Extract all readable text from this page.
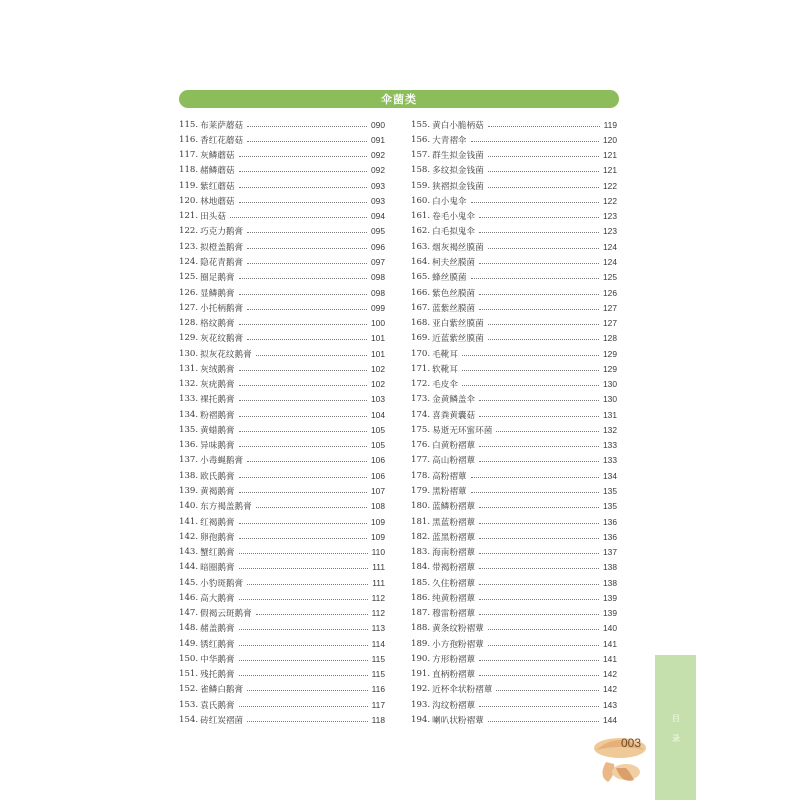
伞菌类
115. 布莱萨蘑菇	090
116. 香红花蘑菇	091
117. 灰鳞蘑菇	092
118. 赭鳞蘑菇	092
119. 紫红蘑菇	093
120. 林地蘑菇	093
121. 田头菇	094
122. 巧克力鹅膏	095
123. 拟橙盖鹅膏	096
124. 隐花青鹅膏	097
125. 圈足鹅膏	098
126. 显鳞鹅膏	098
127. 小托柄鹅膏	099
128. 格纹鹅膏	100
129. 灰花纹鹅膏	101
130. 拟灰花纹鹅膏	101
131. 灰绒鹅膏	102
132. 灰疣鹅膏	102
133. 裸托鹅膏	103
134. 粉褶鹅膏	104
135. 黄蜡鹅膏	105
136. 异味鹅膏	105
137. 小毒蝇鹅膏	106
138. 欧氏鹅膏	106
139. 黄褐鹅膏	107
140. 东方褐盖鹅膏	108
141. 红褐鹅膏	109
142. 卵孢鹅膏	109
143. 蟹红鹅膏	110
144. 暗圈鹅膏	111
145. 小豹斑鹅膏	111
146. 高大鹅膏	112
147. 假褐云斑鹅膏	112
148. 赭盖鹅膏	113
149. 锈红鹅膏	114
150. 中华鹅膏	115
151. 残托鹅膏	115
152. 雀鳞白鹅膏	116
153. 袁氏鹅膏	117
154. 砖红炭褶菌	118
155. 黄白小脆柄菇	119
156. 大青褶伞	120
157. 群生拟金钱菌	121
158. 多纹拟金钱菌	121
159. 狭褶拟金钱菌	122
160. 白小鬼伞	122
161. 卷毛小鬼伞	123
162. 白毛拟鬼伞	123
163. 烟灰褐丝膜菌	124
164. 柯夫丝膜菌	124
165. 蜂丝膜菌	125
166. 紫色丝膜菌	126
167. 蓝紫丝膜菌	127
168. 亚白紫丝膜菌	127
169. 近蓝紫丝膜菌	128
170. 毛靴耳	129
171. 软靴耳	129
172. 毛皮伞	130
173. 金黄鳞盖伞	130
174. 喜粪黄囊菇	131
175. 易逝无环蜜环菌	132
176. 白黄粉褶蕈	133
177. 高山粉褶蕈	133
178. 高粉褶蕈	134
179. 黑粉褶蕈	135
180. 蓝鳞粉褶蕈	135
181. 黑蓝粉褶蕈	136
182. 蓝黑粉褶蕈	136
183. 海南粉褶蕈	137
184. 带褐粉褶蕈	138
185. 久住粉褶蕈	138
186. 纯黄粉褶蕈	139
187. 穆雷粉褶蕈	139
188. 黄条纹粉褶蕈	140
189. 小方孢粉褶蕈	141
190. 方形粉褶蕈	141
191. 直柄粉褶蕈	142
192. 近杯伞状粉褶蕈	142
193. 沟纹粉褶蕈	143
194. 喇叭状粉褶蕈	144	目
录
003
